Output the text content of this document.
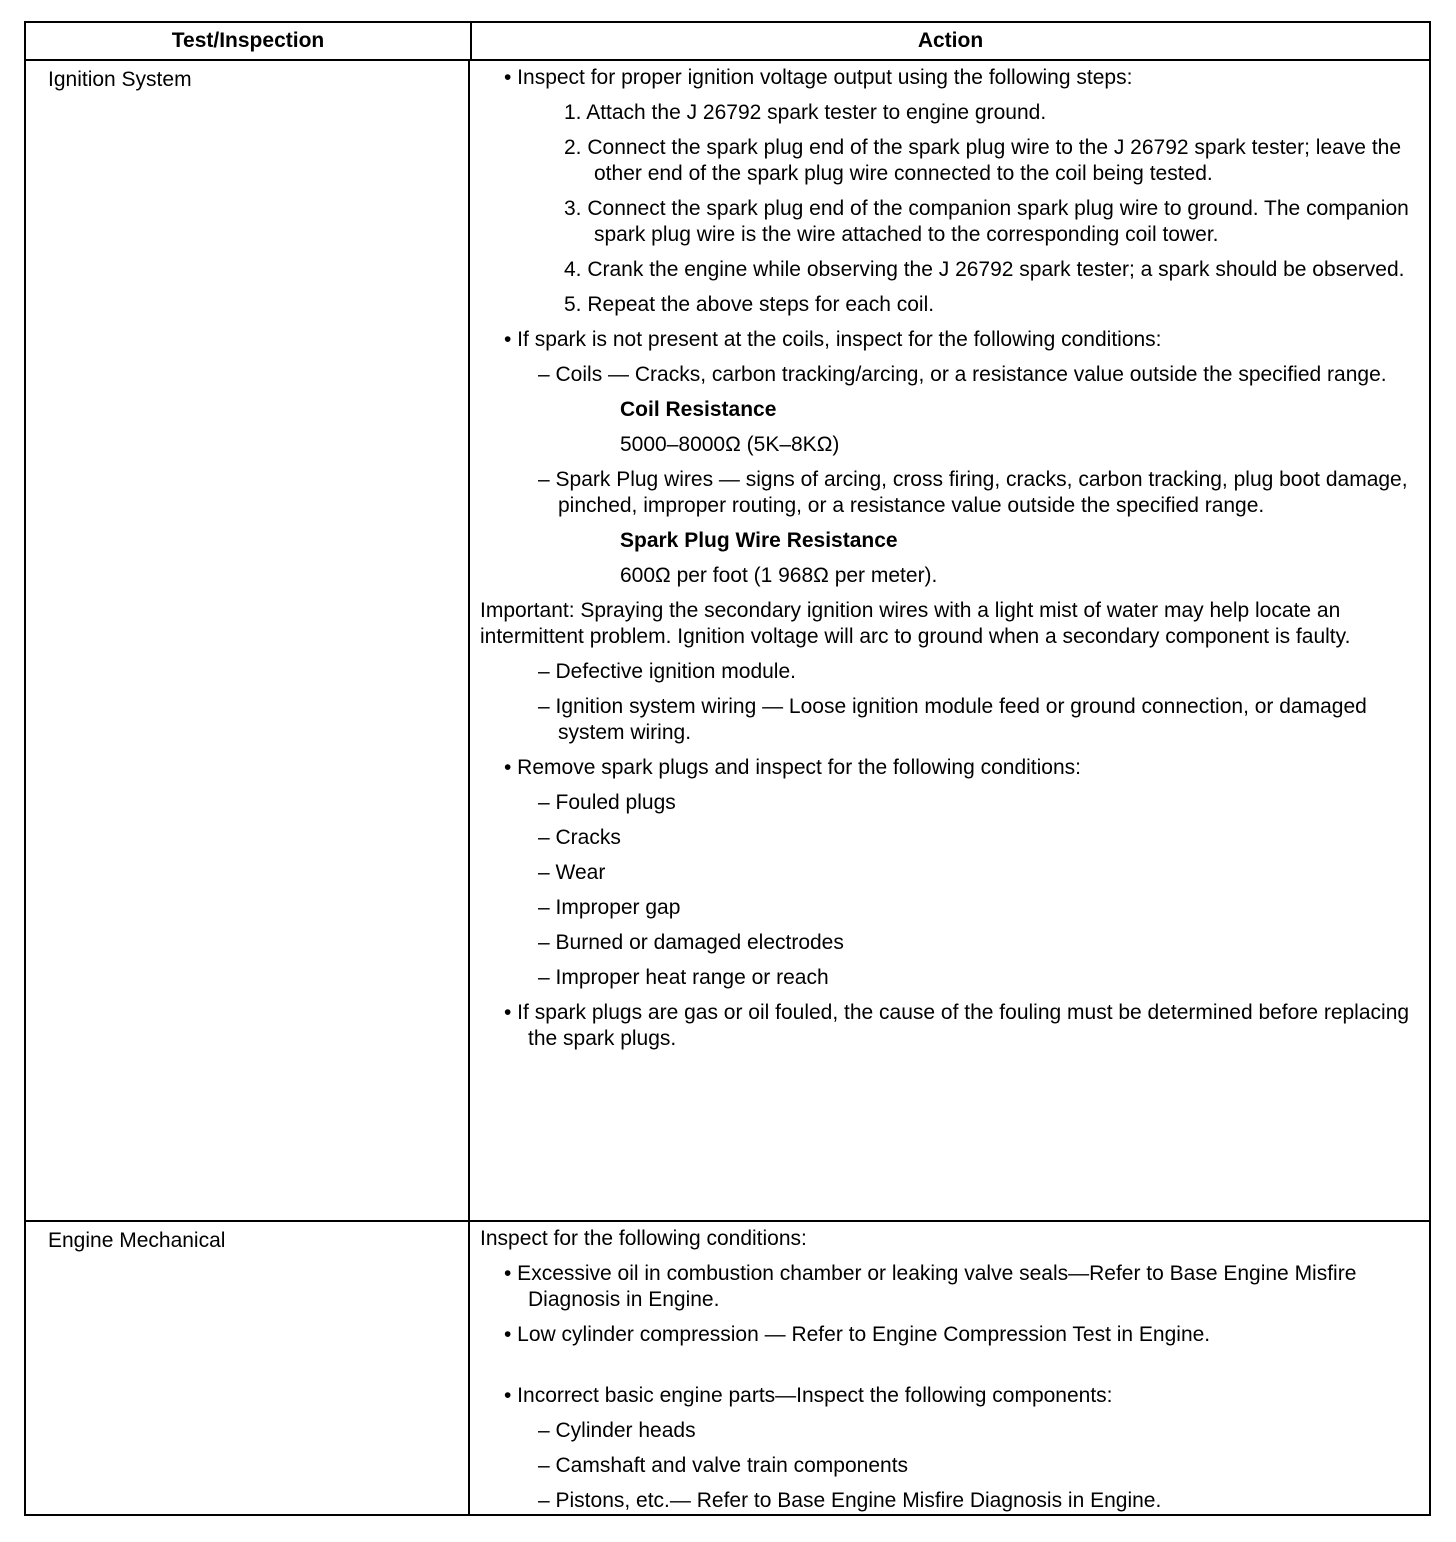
Test/Inspection	Action
Ignition System	• Inspect for proper ignition voltage output using the following steps:

1. Attach the J 26792 spark tester to engine ground.

2. Connect the spark plug end of the spark plug wire to the J 26792 spark tester; leave the other end of the spark plug wire connected to the coil being tested.

3. Connect the spark plug end of the companion spark plug wire to ground. The companion spark plug wire is the wire attached to the corresponding coil tower.

4. Crank the engine while observing the J 26792 spark tester; a spark should be observed.

5. Repeat the above steps for each coil.

• If spark is not present at the coils, inspect for the following conditions:

– Coils — Cracks, carbon tracking/arcing, or a resistance value outside the specified range.

Coil Resistance

5000–8000Ω (5K–8KΩ)

– Spark Plug wires — signs of arcing, cross firing, cracks, carbon tracking, plug boot damage, pinched, improper routing, or a resistance value outside the specified range.

Spark Plug Wire Resistance

600Ω per foot (1 968Ω per meter).

Important: Spraying the secondary ignition wires with a light mist of water may help locate an intermittent problem. Ignition voltage will arc to ground when a secondary component is faulty.

– Defective ignition module.

– Ignition system wiring — Loose ignition module feed or ground connection, or damaged system wiring.

• Remove spark plugs and inspect for the following conditions:

– Fouled plugs

– Cracks

– Wear

– Improper gap

– Burned or damaged electrodes

– Improper heat range or reach

• If spark plugs are gas or oil fouled, the cause of the fouling must be determined before replacing the spark plugs.

Engine Mechanical	Inspect for the following conditions:

• Excessive oil in combustion chamber or leaking valve seals—Refer to Base Engine Misfire Diagnosis in Engine.

• Low cylinder compression — Refer to Engine Compression Test in Engine.

• Incorrect basic engine parts—Inspect the following components:

– Cylinder heads

– Camshaft and valve train components

– Pistons, etc.— Refer to Base Engine Misfire Diagnosis in Engine.
